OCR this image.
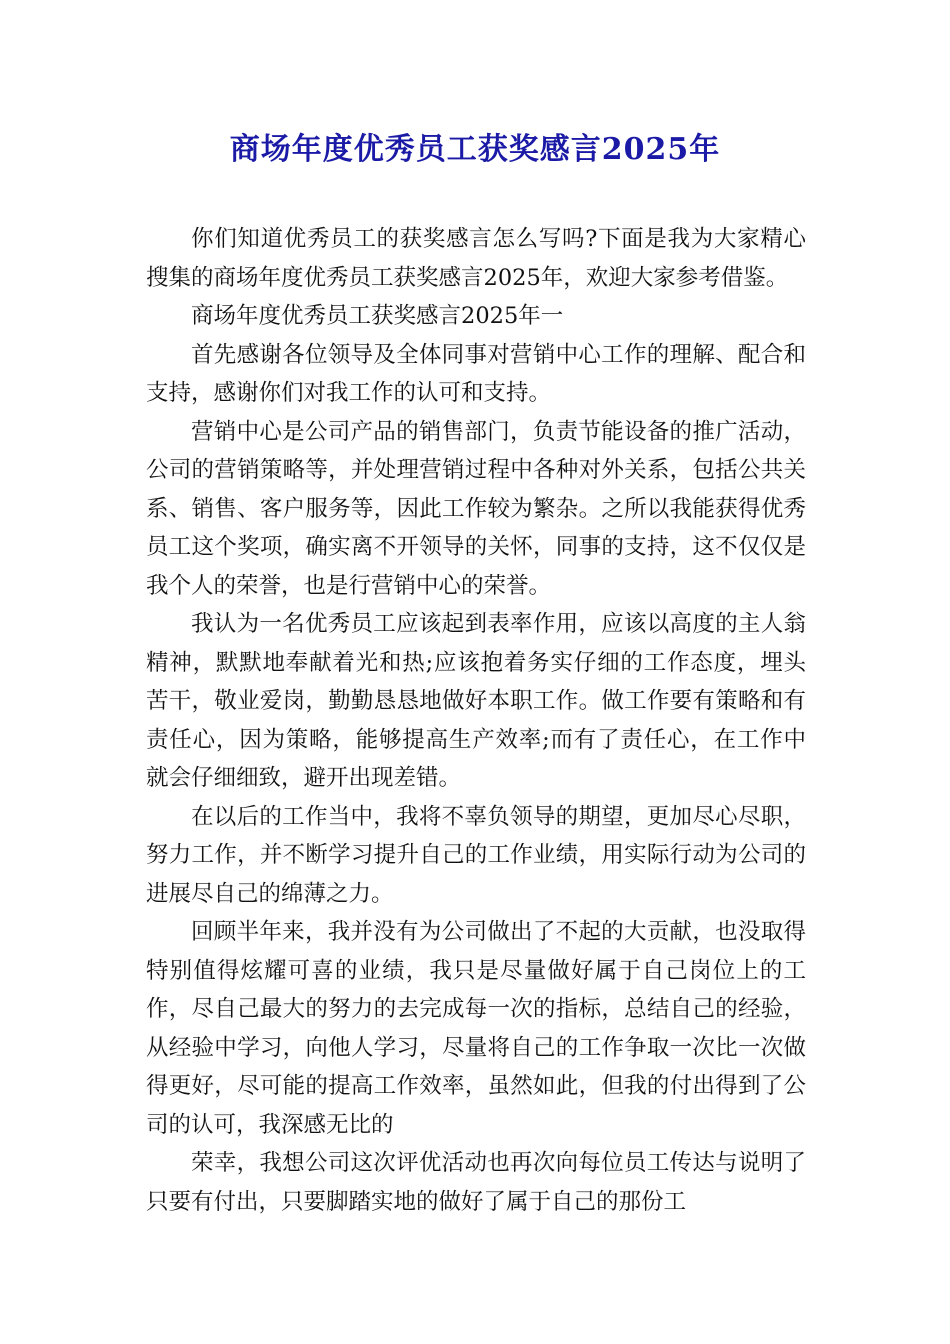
商场年度优秀员工获奖感言2025年

你们知道优秀员工的获奖感言怎么写吗?下面是我为大家精心搜集的商场年度优秀员工获奖感言2025年，欢迎大家参考借鉴。

商场年度优秀员工获奖感言2025年一

首先感谢各位领导及全体同事对营销中心工作的理解、配合和支持，感谢你们对我工作的认可和支持。

营销中心是公司产品的销售部门，负责节能设备的推广活动，公司的营销策略等，并处理营销过程中各种对外关系，包括公共关系、销售、客户服务等，因此工作较为繁杂。之所以我能获得优秀员工这个奖项，确实离不开领导的关怀，同事的支持，这不仅仅是我个人的荣誉，也是行营销中心的荣誉。

我认为一名优秀员工应该起到表率作用，应该以高度的主人翁精神，默默地奉献着光和热;应该抱着务实仔细的工作态度，埋头苦干，敬业爱岗，勤勤恳恳地做好本职工作。做工作要有策略和有责任心，因为策略，能够提高生产效率;而有了责任心，在工作中就会仔细细致，避开出现差错。

在以后的工作当中，我将不辜负领导的期望，更加尽心尽职，努力工作，并不断学习提升自己的工作业绩，用实际行动为公司的进展尽自己的绵薄之力。

回顾半年来，我并没有为公司做出了不起的大贡献，也没取得特别值得炫耀可喜的业绩，我只是尽量做好属于自己岗位上的工作，尽自己最大的努力的去完成每一次的指标，总结自己的经验，从经验中学习，向他人学习，尽量将自己的工作争取一次比一次做得更好，尽可能的提高工作效率，虽然如此，但我的付出得到了公司的认可，我深感无比的

荣幸，我想公司这次评优活动也再次向每位员工传达与说明了只要有付出，只要脚踏实地的做好了属于自己的那份工
